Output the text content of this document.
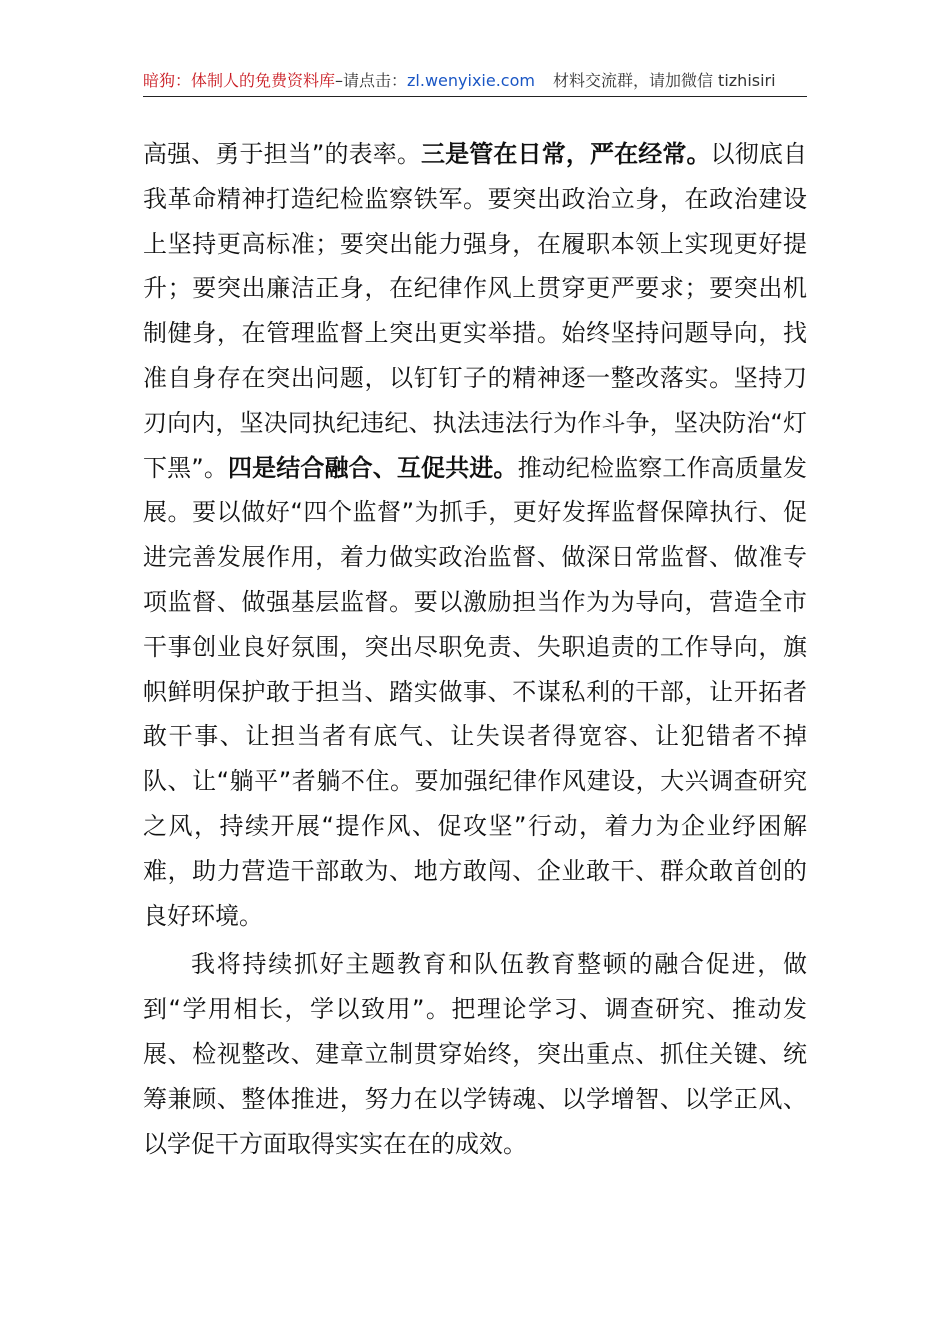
暗狗：体制人的免费资料库–请点击：zl.wenyixie.com 材料交流群，请加微信 tizhisiri

高强、勇于担当”的表率。三是管在日常，严在经常。以彻底自我革命精神打造纪检监察铁军。要突出政治立身，在政治建设上坚持更高标准；要突出能力强身，在履职本领上实现更好提升；要突出廉洁正身，在纪律作风上贯穿更严要求；要突出机制健身，在管理监督上突出更实举措。始终坚持问题导向，找准自身存在突出问题，以钉钉子的精神逐一整改落实。坚持刀刃向内，坚决同执纪违纪、执法违法行为作斗争，坚决防治“灯下黑”。四是结合融合、互促共进。推动纪检监察工作高质量发展。要以做好“四个监督”为抓手，更好发挥监督保障执行、促进完善发展作用，着力做实政治监督、做深日常监督、做准专项监督、做强基层监督。要以激励担当作为为导向，营造全市干事创业良好氛围，突出尽职免责、失职追责的工作导向，旗帜鲜明保护敢于担当、踏实做事、不谋私利的干部，让开拓者敢干事、让担当者有底气、让失误者得宽容、让犯错者不掉队、让“躺平”者躺不住。要加强纪律作风建设，大兴调查研究之风，持续开展“提作风、促攻坚”行动，着力为企业纾困解难，助力营造干部敢为、地方敢闯、企业敢干、群众敢首创的良好环境。

我将持续抓好主题教育和队伍教育整顿的融合促进，做到“学用相长，学以致用”。把理论学习、调查研究、推动发展、检视整改、建章立制贯穿始终，突出重点、抓住关键、统筹兼顾、整体推进，努力在以学铸魂、以学增智、以学正风、以学促干方面取得实实在在的成效。
